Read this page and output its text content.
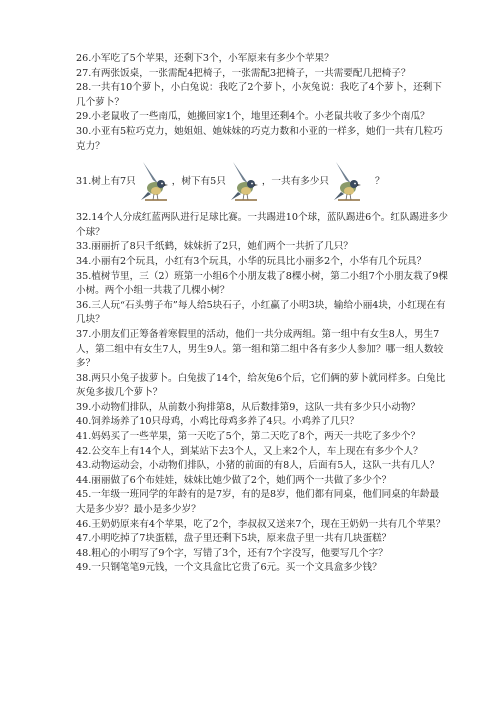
26.小军吃了5个苹果，还剩下3个，小军原来有多少个苹果？

27.有两张饭桌，一张需配4把椅子，一张需配3把椅子，一共需要配几把椅子？

28.一共有10个萝卜，小白兔说：我吃了2个萝卜，小灰兔说：我吃了4个萝卜，还剩下几个萝卜？

29.小老鼠收了一些南瓜，她搬回家1个，地里还剩4个。小老鼠共收了多少个南瓜？

30.小亚有5粒巧克力，她姐姐、她妹妹的巧克力数和小亚的一样多，她们一共有几粒巧克力？

31.树上有7只	，树下有5只	，一共有多少只	？

32.14个人分成红蓝两队进行足球比赛。一共踢进10个球，蓝队踢进6个。红队踢进多少个球？

33.丽丽折了8只千纸鹤，妹妹折了2只，她们两个一共折了几只？

34.小丽有2个玩具，小红有3个玩具，小华的玩具比小丽多2个，小华有几个玩具？

35.植树节里，三（2）班第一小组6个小朋友栽了8棵小树，第二小组7个小朋友栽了9棵小树。两个小组一共栽了几棵小树？

36.三人玩“石头剪子布”每人给5块石子，小红赢了小明3块，输给小丽4块，小红现在有几块？

37.小朋友们正筹备着寒假里的活动，他们一共分成两组。第一组中有女生8人，男生7人，第二组中有女生7人，男生9人。第一组和第二组中各有多少人参加？哪一组人数较多？

38.两只小兔子拔萝卜。白兔拔了14个，给灰兔6个后，它们俩的萝卜就同样多。白兔比灰兔多拔几个萝卜？

39.小动物们排队，从前数小狗排第8，从后数排第9，这队一共有多少只小动物？

40.饲养场养了10只母鸡，小鸡比母鸡多养了4只。小鸡养了几只？

41.妈妈买了一些苹果，第一天吃了5个，第二天吃了8个，两天一共吃了多少个？

42.公交车上有14个人，到某站下去3个人，又上来2个人，车上现在有多少个人？

43.动物运动会，小动物们排队，小猪的前面的有8人，后面有5人，这队一共有几人？

44.丽丽做了6个布娃娃，妹妹比她少做了2个，她们两个一共做了多少个？

45.一年级一班同学的年龄有的是7岁，有的是8岁，他们都有同桌，他们同桌的年龄最大是多少岁？最小是多少岁？

46.王奶奶原来有4个苹果，吃了2个，李叔叔又送来7个，现在王奶奶一共有几个苹果？

47.小明吃掉了7块蛋糕，盘子里还剩下5块，原来盘子里一共有几块蛋糕？

48.粗心的小明写了9个字，写错了3个，还有7个字没写，他要写几个字？

49.一只钢笔笔9元钱，一个文具盒比它贵了6元。买一个文具盒多少钱？
